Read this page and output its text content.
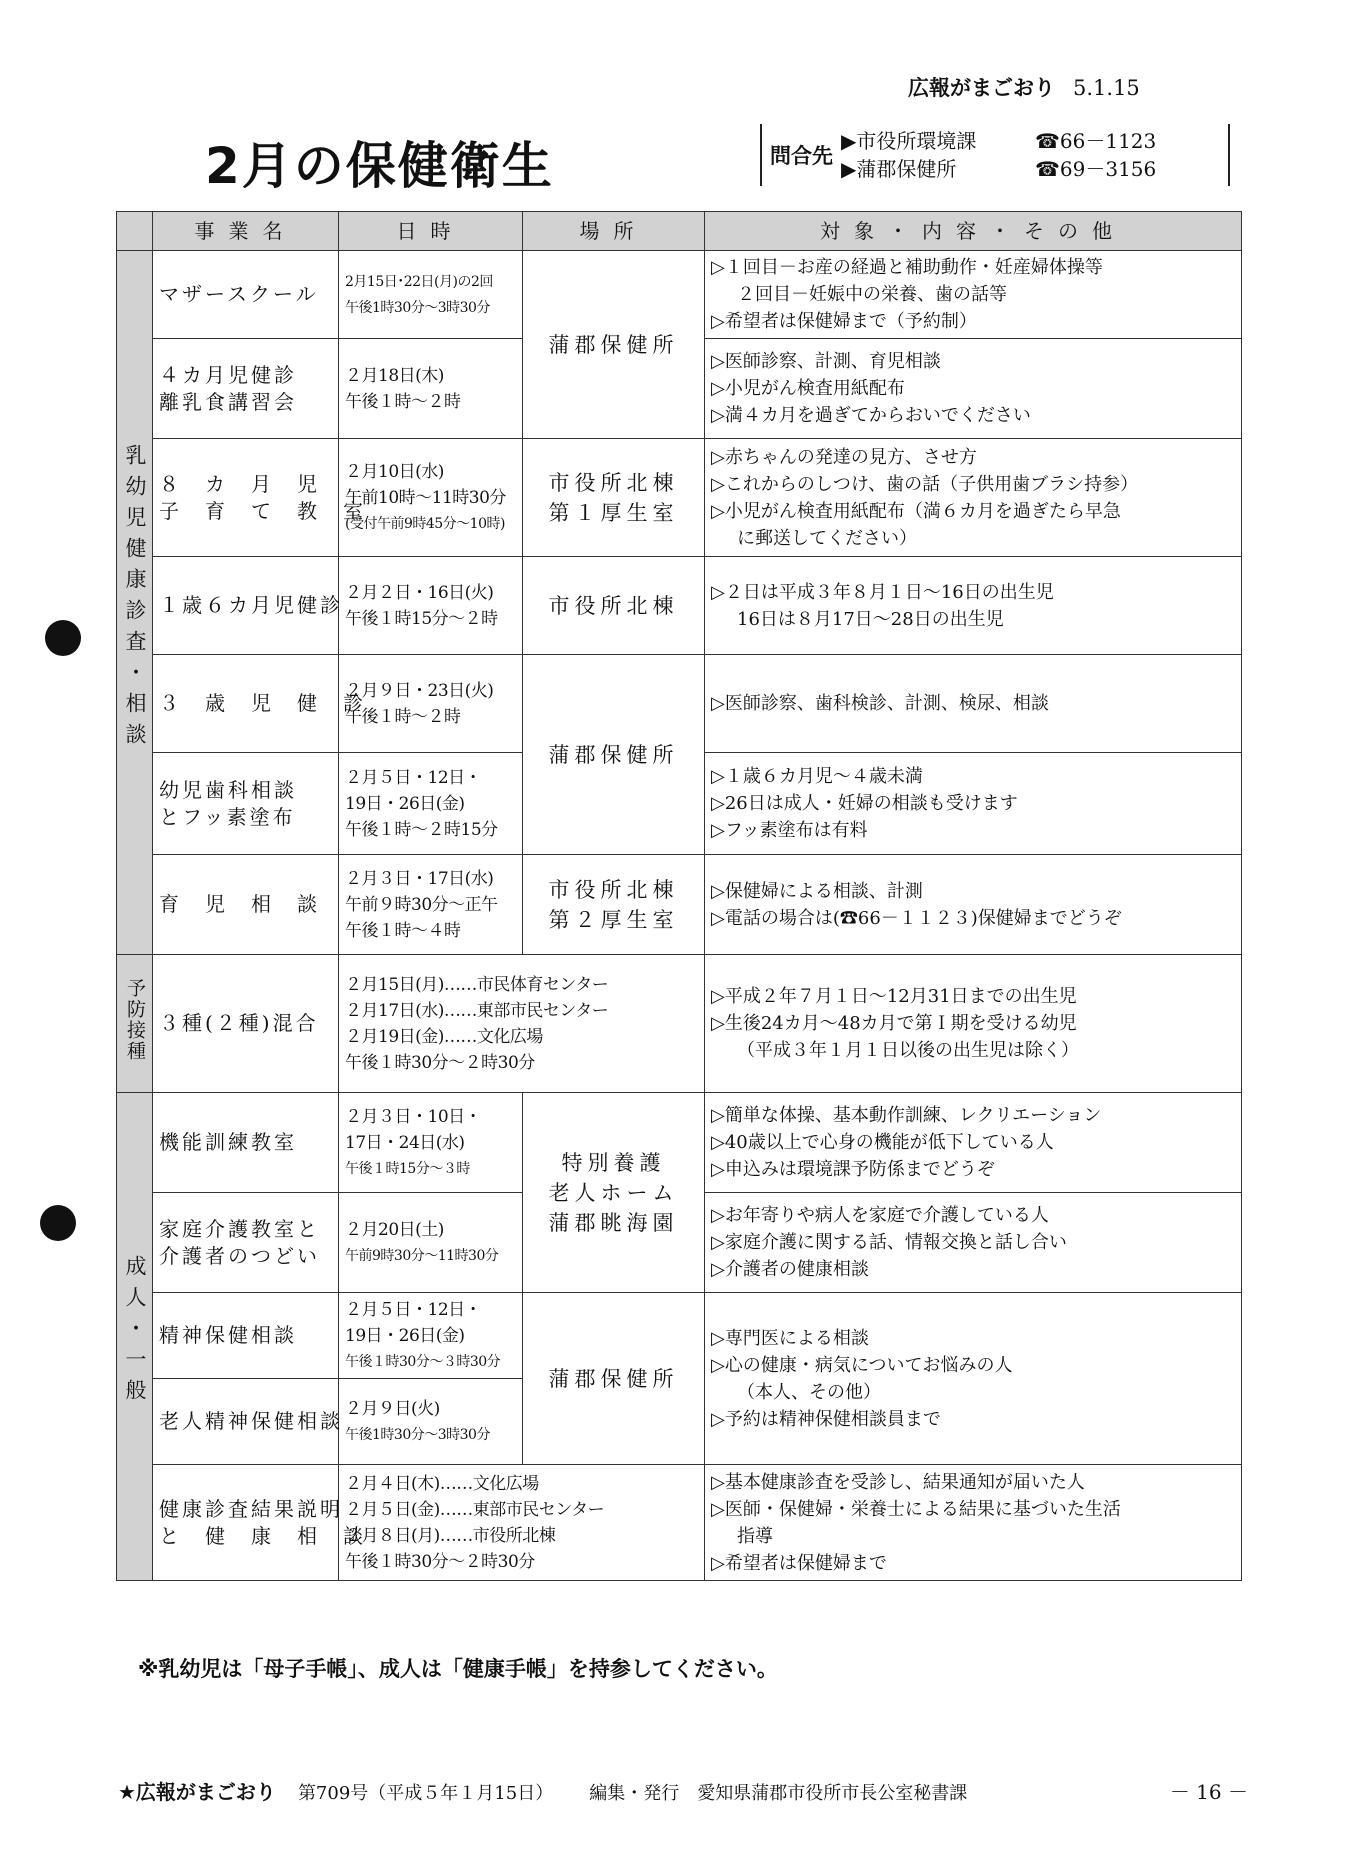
広報がまごおり 5.1.15
2月の保健衛生	問合先
▶市役所環境課	☎66－1123
▶蒲郡保健所	☎69－3156
	事業名	日時	場所	対象・内容・その他
乳幼児健康診査・相談	マザースクール	2月15日･22日(月)の2回
午後1時30分～3時30分	蒲郡保健所	▷１回目－お産の経過と補助動作・妊産婦体操等
２回目－妊娠中の栄養、歯の話等
▷希望者は保健婦まで（予約制）

	４カ月児健診
離乳食講習会	２月18日(木)
午後１時～２時		▷医師診察、計測、育児相談
▷小児がん検査用紙配布
▷満４カ月を過ぎてからおいでください

	８　カ　月　児
子　育　て　教　室	２月10日(水)
午前10時～11時30分
(受付午前9時45分～10時)	市役所北棟
第１厚生室	▷赤ちゃんの発達の見方、させ方
▷これからのしつけ、歯の話（子供用歯ブラシ持参）
▷小児がん検査用紙配布（満６カ月を過ぎたら早急
に郵送してください）

	１歳６カ月児健診	２月２日・16日(火)
午後１時15分～２時	市役所北棟	▷２日は平成３年８月１日～16日の出生児
16日は８月17日～28日の出生児

	３　歳　児　健　診	２月９日・23日(火)
午後１時～２時	蒲郡保健所	▷医師診察、歯科検診、計測、検尿、相談

	幼児歯科相談
とフッ素塗布	２月５日・12日・
19日・26日(金)
午後１時～２時15分		▷１歳６カ月児～４歳未満
▷26日は成人・妊婦の相談も受けます
▷フッ素塗布は有料

	育　児　相　談	２月３日・17日(水)
午前９時30分～正午
午後１時～４時	市役所北棟
第２厚生室	▷保健婦による相談、計測
▷電話の場合は(☎66－１１２３)保健婦までどうぞ

予防接種	３種(２種)混合	２月15日(月)……市民体育センター
２月17日(水)……東部市民センター
２月19日(金)……文化広場
午後１時30分～２時30分		▷平成２年７月１日～12月31日までの出生児
▷生後24カ月～48カ月で第Ｉ期を受ける幼児
（平成３年１月１日以後の出生児は除く）

成人・一般	機能訓練教室	２月３日・10日・
17日・24日(水)
午後１時15分～３時	特別養護
老人ホーム
蒲郡眺海園	▷簡単な体操、基本動作訓練、レクリエーション
▷40歳以上で心身の機能が低下している人
▷申込みは環境課予防係までどうぞ

	家庭介護教室と
介護者のつどい	２月20日(土)
午前9時30分～11時30分		▷お年寄りや病人を家庭で介護している人
▷家庭介護に関する話、情報交換と話し合い
▷介護者の健康相談

	精神保健相談	２月５日・12日・
19日・26日(金)
午後１時30分～３時30分	蒲郡保健所	▷専門医による相談
▷心の健康・病気についてお悩みの人
（本人、その他）
▷予約は精神保健相談員まで

	老人精神保健相談	２月９日(火)
午後1時30分～3時30分		

	健康診査結果説明
と　健　康　相　談	２月４日(木)……文化広場
２月５日(金)……東部市民センター
２月８日(月)……市役所北棟
午後１時30分～２時30分		▷基本健康診査を受診し、結果通知が届いた人
▷医師・保健婦・栄養士による結果に基づいた生活
指導
▷希望者は保健婦まで
※乳幼児は「母子手帳」、成人は「健康手帳」を持参してください。
★広報がまごおり 第709号（平成５年１月15日） 編集・発行　愛知県蒲郡市役所市長公室秘書課	－ 16 －
